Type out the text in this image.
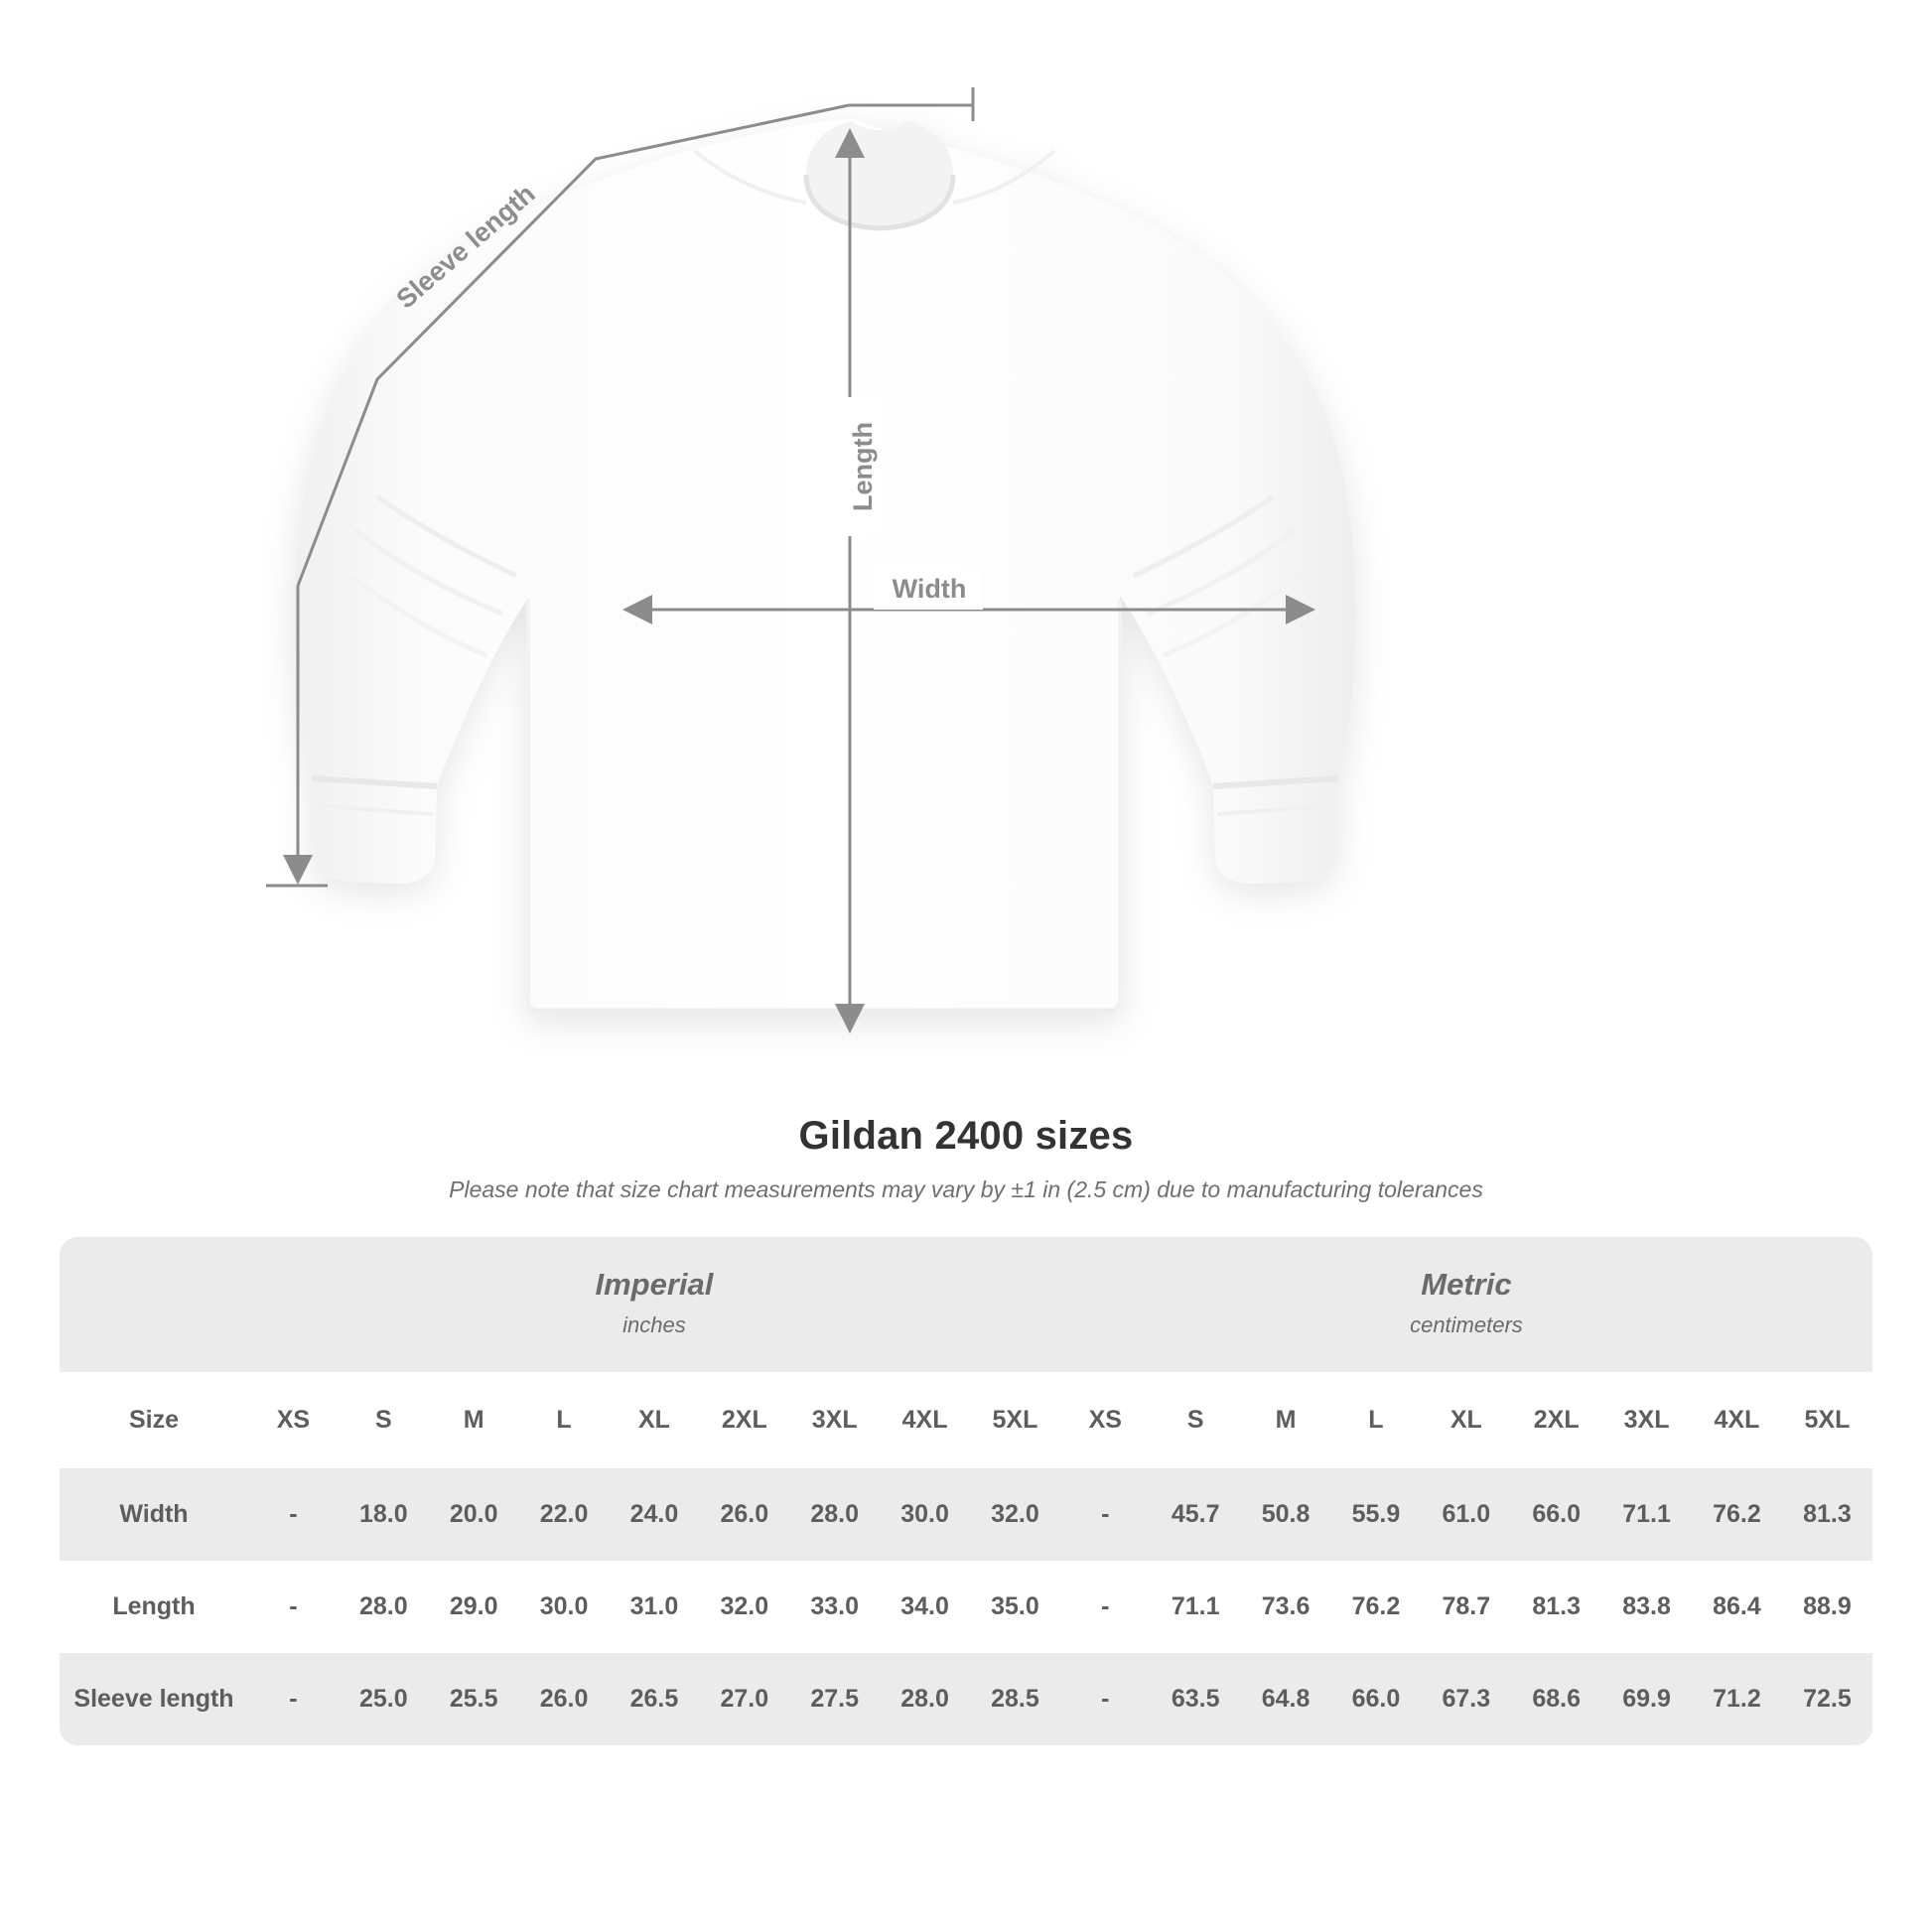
Length
Width
Sleeve length
Gildan 2400 sizes
Please note that size chart measurements may vary by ±1 in (2.5 cm) due to manufacturing tolerances

Imperial
inches

Metric
centimeters

Size	XS	S	M	L	XL	2XL	3XL	4XL	5XL	XS	S	M	L	XL	2XL	3XL	4XL	5XL
Width	-	18.0	20.0	22.0	24.0	26.0	28.0	30.0	32.0	-	45.7	50.8	55.9	61.0	66.0	71.1	76.2	81.3
Length	-	28.0	29.0	30.0	31.0	32.0	33.0	34.0	35.0	-	71.1	73.6	76.2	78.7	81.3	83.8	86.4	88.9
Sleeve length	-	25.0	25.5	26.0	26.5	27.0	27.5	28.0	28.5	-	63.5	64.8	66.0	67.3	68.6	69.9	71.2	72.5
